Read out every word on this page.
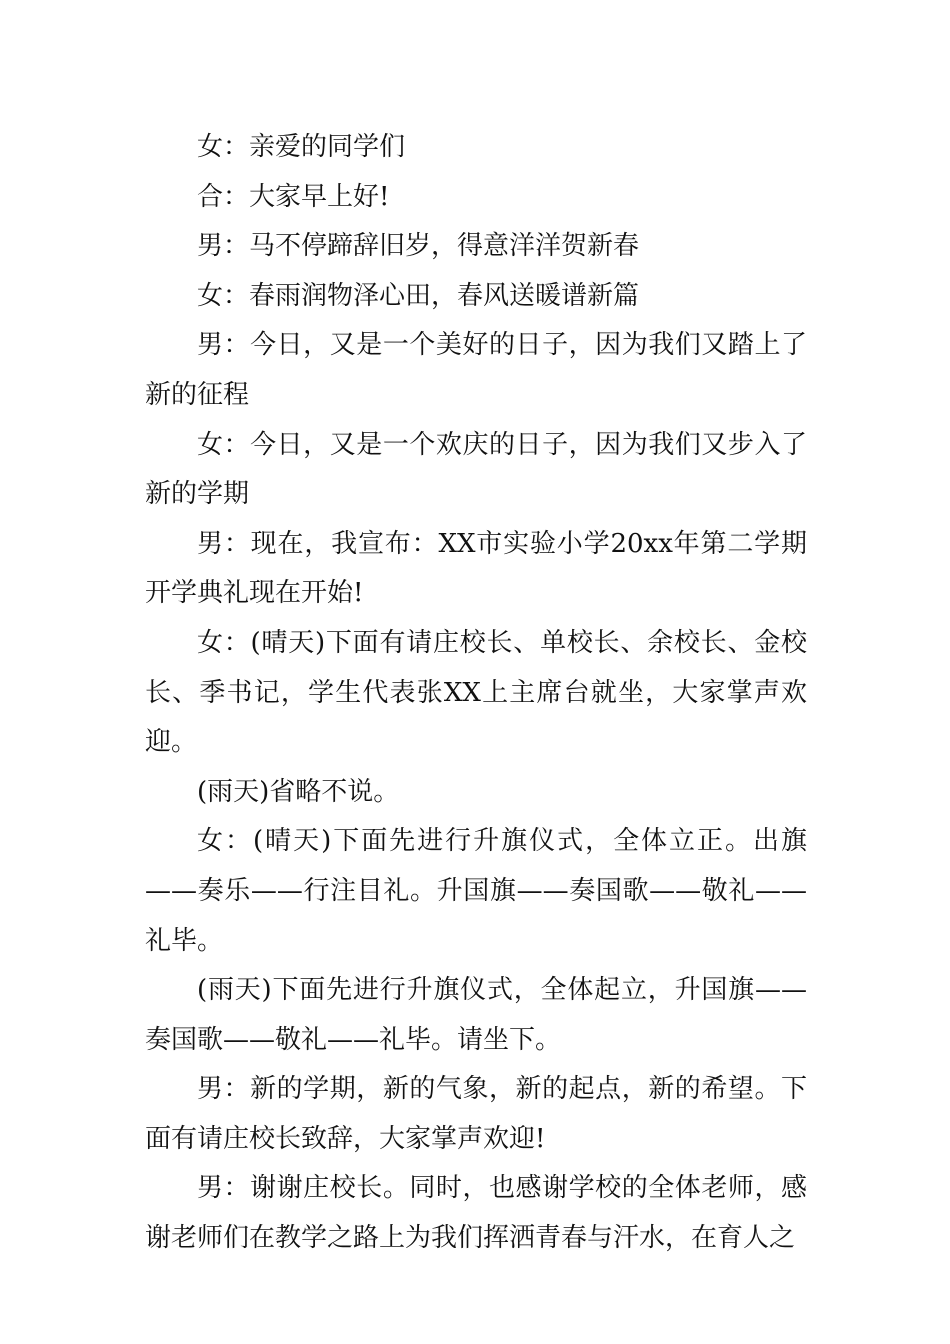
女：亲爱的同学们

合：大家早上好!

男：马不停蹄辞旧岁，得意洋洋贺新春

女：春雨润物泽心田，春风送暖谱新篇

男：今日，又是一个美好的日子，因为我们又踏上了新的征程

女：今日，又是一个欢庆的日子，因为我们又步入了新的学期

男：现在，我宣布：XX市实验小学20xx年第二学期开学典礼现在开始!

女：(晴天)下面有请庄校长、单校长、余校长、金校长、季书记，学生代表张XX上主席台就坐，大家掌声欢迎。

(雨天)省略不说。

女：(晴天)下面先进行升旗仪式，全体立正。出旗——奏乐——行注目礼。升国旗——奏国歌——敬礼——礼毕。

(雨天)下面先进行升旗仪式，全体起立，升国旗——奏国歌——敬礼——礼毕。请坐下。

男：新的学期，新的气象，新的起点，新的希望。下面有请庄校长致辞，大家掌声欢迎!

男：谢谢庄校长。同时，也感谢学校的全体老师，感谢老师们在教学之路上为我们挥洒青春与汗水，在育人之
